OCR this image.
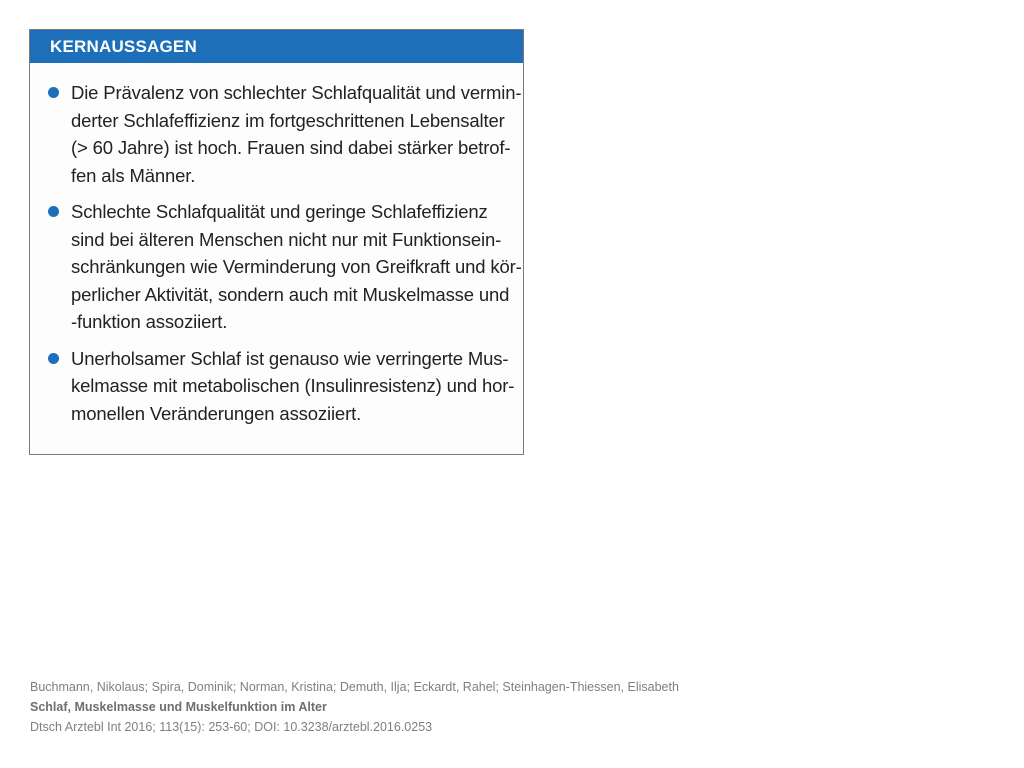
KERNAUSSAGEN
Die Prävalenz von schlechter Schlafqualität und vermin-
derter Schlafeffizienz im fortgeschrittenen Lebensalter
(> 60 Jahre) ist hoch. Frauen sind dabei stärker betrof-
fen als Männer.
Schlechte Schlafqualität und geringe Schlafeffizienz
sind bei älteren Menschen nicht nur mit Funktionsein-
schränkungen wie Verminderung von Greifkraft und kör-
perlicher Aktivität, sondern auch mit Muskelmasse und
-funktion assoziiert.
Unerholsamer Schlaf ist genauso wie verringerte Mus-
kelmasse mit metabolischen (Insulinresistenz) und hor-
monellen Veränderungen assoziiert.
Buchmann, Nikolaus; Spira, Dominik; Norman, Kristina; Demuth, Ilja; Eckardt, Rahel; Steinhagen-Thiessen, Elisabeth
Schlaf, Muskelmasse und Muskelfunktion im Alter
Dtsch Arztebl Int 2016; 113(15): 253-60; DOI: 10.3238/arztebl.2016.0253
